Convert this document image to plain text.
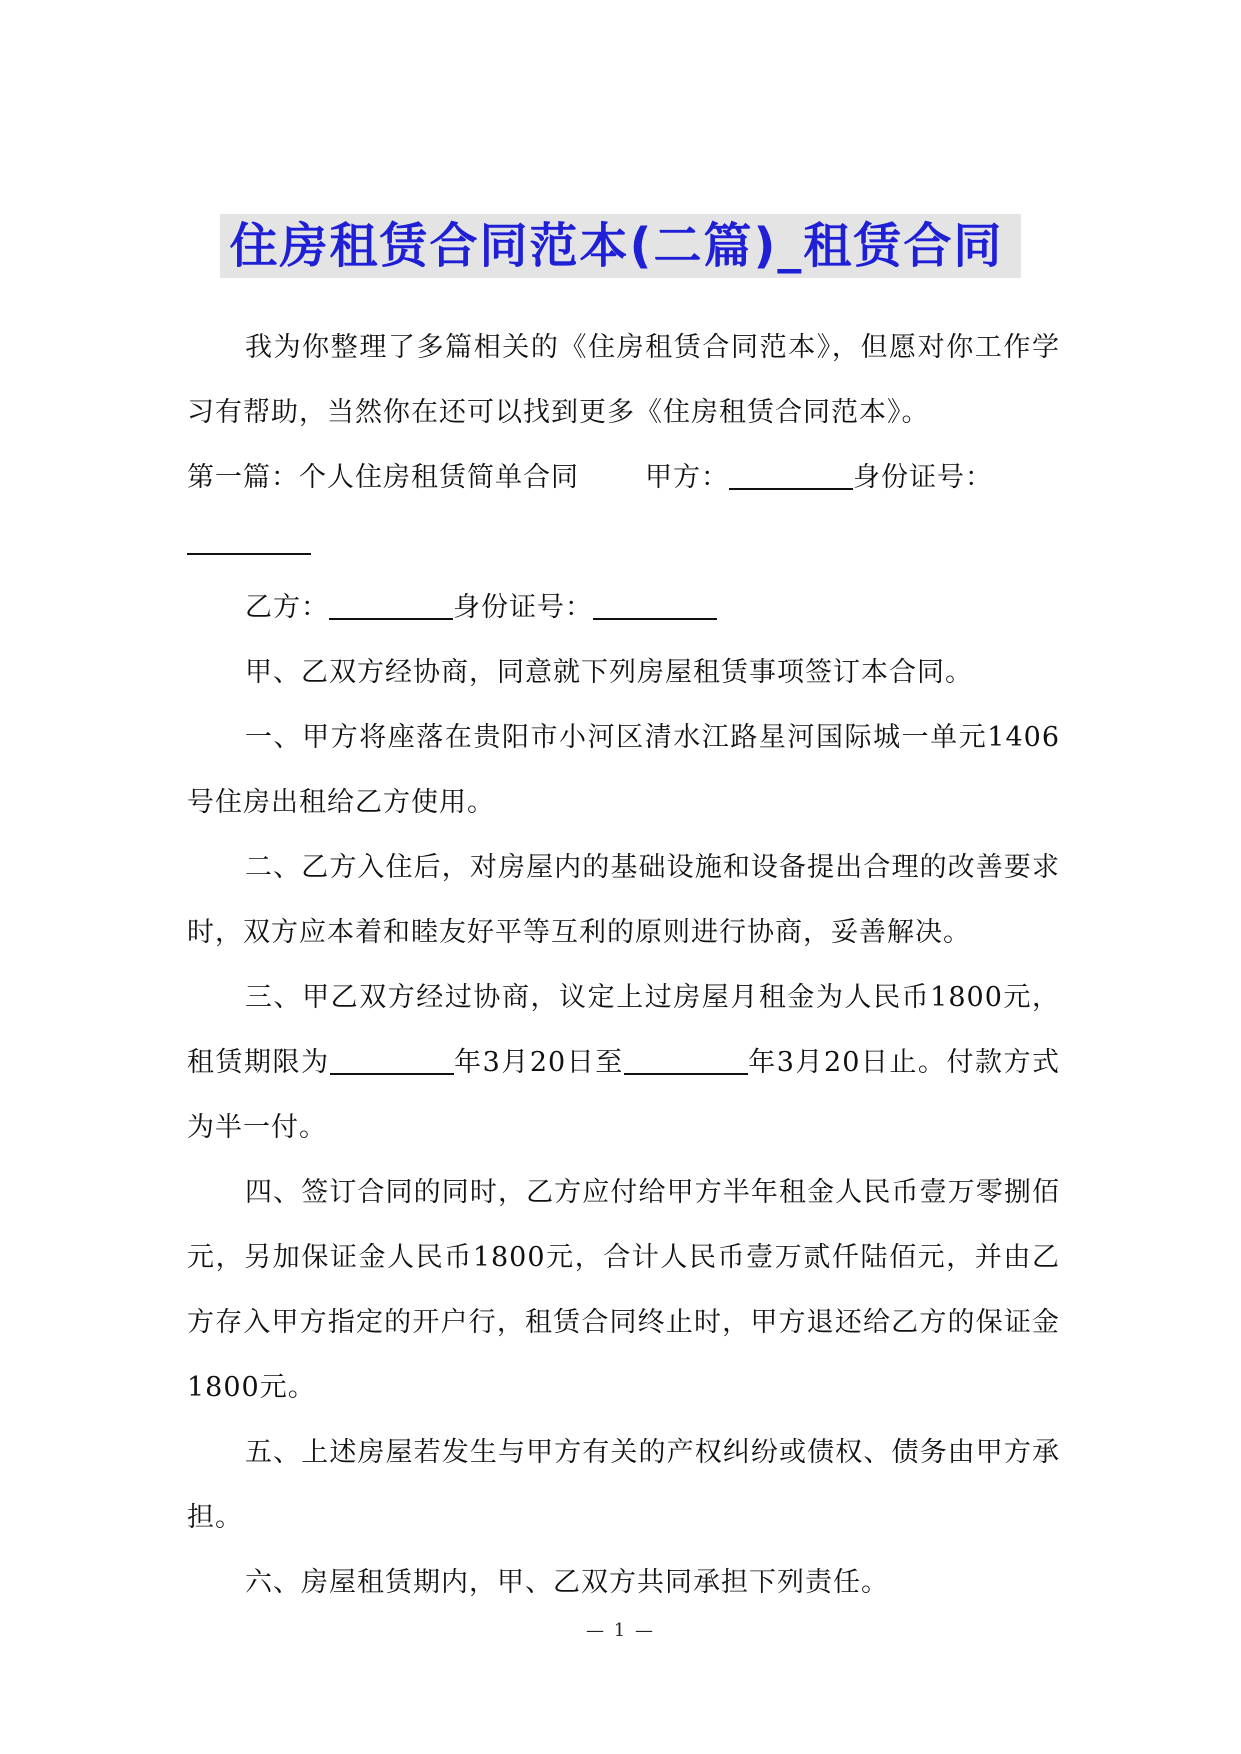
住房租赁合同范本(二篇)_租赁合同

我为你整理了多篇相关的《住房租赁合同范本》，但愿对你工作学习有帮助，当然你在还可以找到更多《住房租赁合同范本》。

第一篇：个人住房租赁简单合同 甲方：	身份证号：

乙方：	身份证号：

甲、乙双方经协商，同意就下列房屋租赁事项签订本合同。

一、甲方将座落在贵阳市小河区清水江路星河国际城一单元1406号住房出租给乙方使用。

二、乙方入住后，对房屋内的基础设施和设备提出合理的改善要求时，双方应本着和睦友好平等互利的原则进行协商，妥善解决。

三、甲乙双方经过协商，议定上过房屋月租金为人民币1800元，租赁期限为	年3月20日至	年3月20日止。付款方式为半一付。

四、签订合同的同时，乙方应付给甲方半年租金人民币壹万零捌佰元，另加保证金人民币1800元，合计人民币壹万贰仟陆佰元，并由乙方存入甲方指定的开户行，租赁合同终止时，甲方退还给乙方的保证金1800元。

五、上述房屋若发生与甲方有关的产权纠纷或债权、债务由甲方承担。

六、房屋租赁期内，甲、乙双方共同承担下列责任。

— 1 —
